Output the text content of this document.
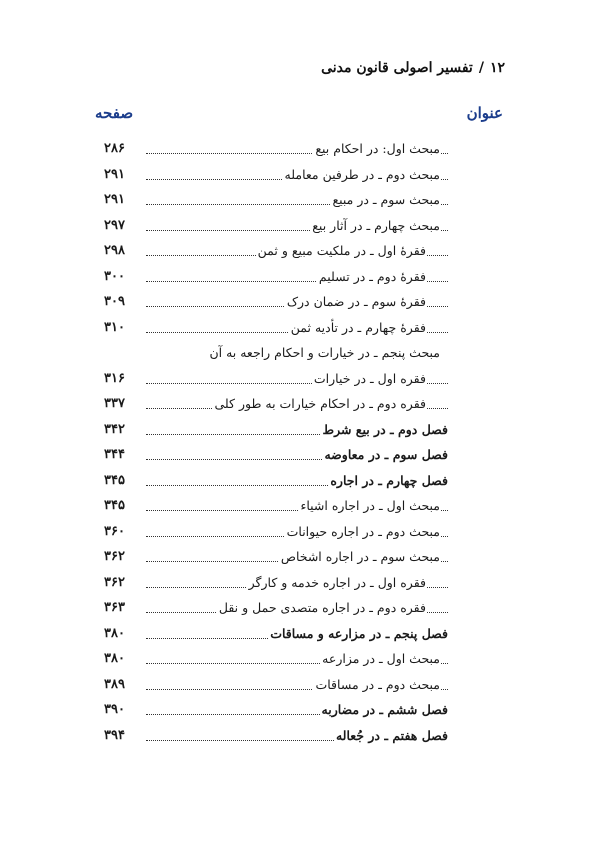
۱۲/تفسیر اصولی قانون مدنی
عنوان
صفحه
مبحث اول: در احکام بیع
۲۸۶
مبحث دوم ـ در طرفین معامله
۲۹۱
مبحث سوم ـ در مبیع
۲۹۱
مبحث چهارم ـ در آثار بیع
۲۹۷
فقرهٔ اول ـ در ملکیت مبیع و ثمن
۲۹۸
فقرهٔ دوم ـ در تسلیم
۳۰۰
فقرهٔ سوم ـ در ضمان درک
۳۰۹
فقرهٔ چهارم ـ در تأدیه ثمن
۳۱۰
مبحث پنجم ـ در خیارات و احکام راجعه به آن
فقره اول ـ در خیارات
۳۱۶
فقره دوم ـ در احکام خیارات به طور کلی
۳۳۷
فصل دوم ـ در بیع شرط
۳۴۲
فصل سوم ـ در معاوضه
۳۴۴
فصل چهارم ـ در اجاره
۳۴۵
مبحث اول ـ در اجاره اشیاء
۳۴۵
مبحث دوم ـ در اجاره حیوانات
۳۶۰
مبحث سوم ـ در اجاره اشخاص
۳۶۲
فقره اول ـ در اجاره خدمه و کارگر
۳۶۲
فقره دوم ـ در اجاره متصدی حمل و نقل
۳۶۳
فصل پنجم ـ در مزارعه و مساقات
۳۸۰
مبحث اول ـ در مزارعه
۳۸۰
مبحث دوم ـ در مساقات
۳۸۹
فصل ششم ـ در مضاربه
۳۹۰
فصل هفتم ـ در جُعاله
۳۹۴
